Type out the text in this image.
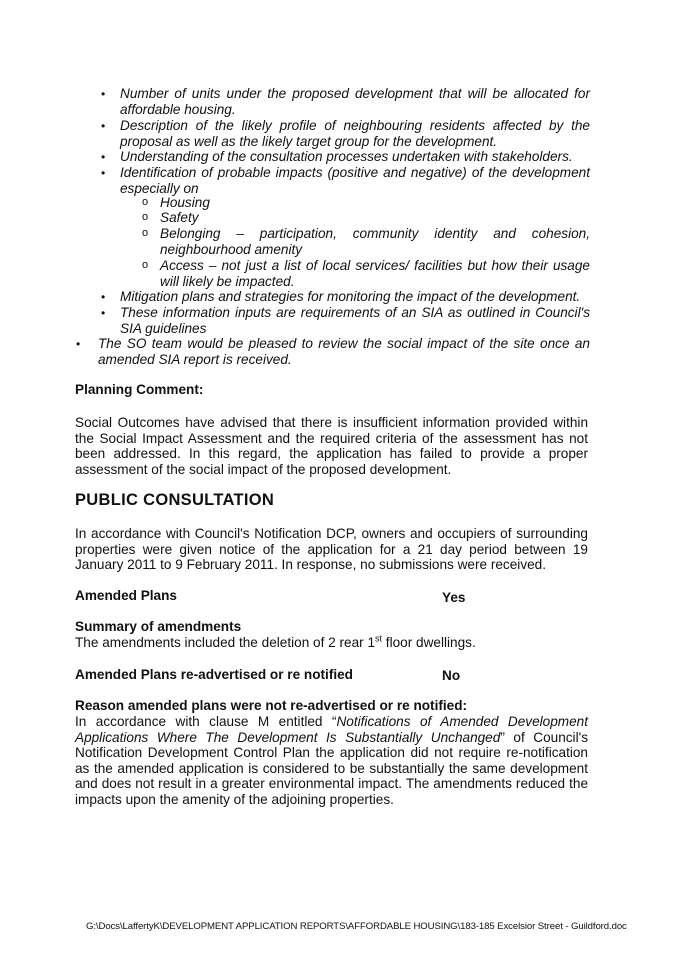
• Number of units under the proposed development that will be allocated for affordable housing.
• Description of the likely profile of neighbouring residents affected by the proposal as well as the likely target group for the development.
• Understanding of the consultation processes undertaken with stakeholders.
• Identification of probable impacts (positive and negative) of the development especially on
o Housing
o Safety
o Belonging – participation, community identity and cohesion, neighbourhood amenity
o Access – not just a list of local services/ facilities but how their usage will likely be impacted.
• Mitigation plans and strategies for monitoring the impact of the development.
• These information inputs are requirements of an SIA as outlined in Council's SIA guidelines
• The SO team would be pleased to review the social impact of the site once an amended SIA report is received.
Planning Comment:
Social Outcomes have advised that there is insufficient information provided within the Social Impact Assessment and the required criteria of the assessment has not been addressed. In this regard, the application has failed to provide a proper assessment of the social impact of the proposed development.
PUBLIC CONSULTATION
In accordance with Council's Notification DCP, owners and occupiers of surrounding properties were given notice of the application for a 21 day period between 19 January 2011 to 9 February 2011. In response, no submissions were received.
Amended Plans	Yes
Summary of amendments
The amendments included the deletion of 2 rear 1st floor dwellings.
Amended Plans re-advertised or re notified	No
Reason amended plans were not re-advertised or re notified:
In accordance with clause M entitled “Notifications of Amended Development Applications Where The Development Is Substantially Unchanged” of Council's Notification Development Control Plan the application did not require re-notification as the amended application is considered to be substantially the same development and does not result in a greater environmental impact. The amendments reduced the impacts upon the amenity of the adjoining properties.
G:\Docs\LaffertyK\DEVELOPMENT APPLICATION REPORTS\AFFORDABLE HOUSING\183-185 Excelsior Street - Guildford.doc
